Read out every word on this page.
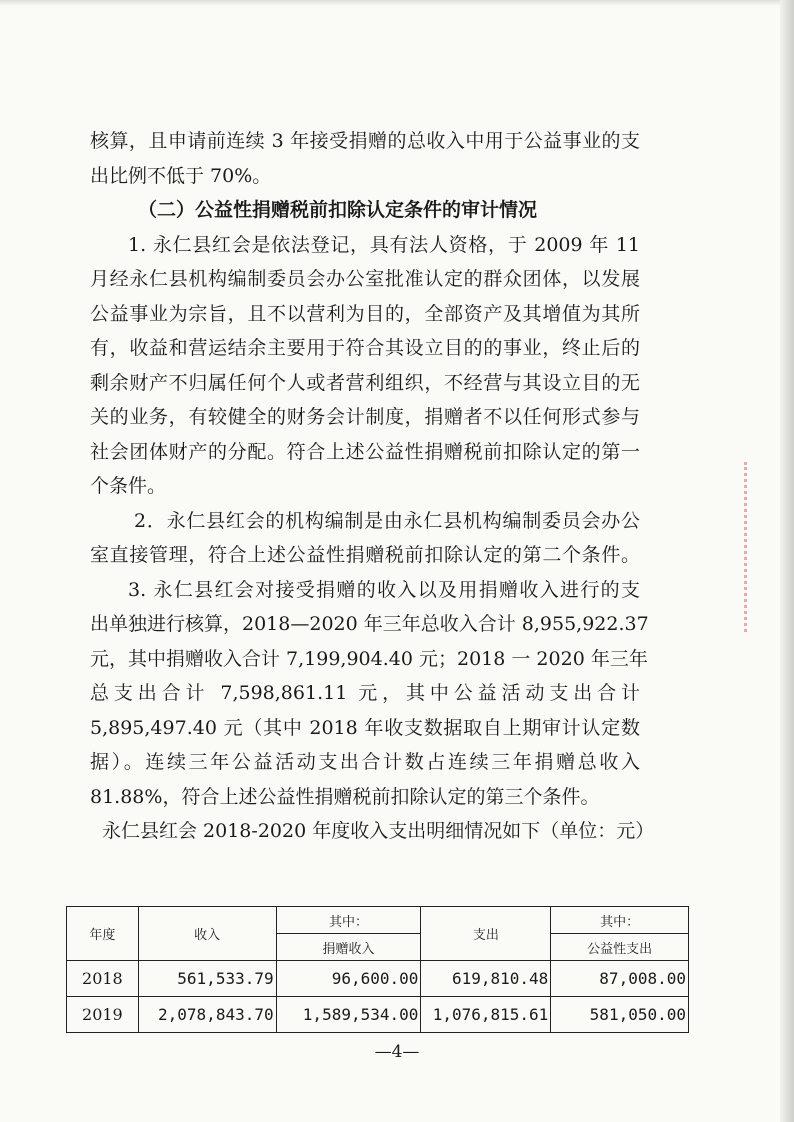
核算，且申请前连续 3 年接受捐赠的总收入中用于公益事业的支
出比例不低于 70%。
（二）公益性捐赠税前扣除认定条件的审计情况
1. 永仁县红会是依法登记，具有法人资格，于 2009 年 11
月经永仁县机构编制委员会办公室批准认定的群众团体，以发展
公益事业为宗旨，且不以营利为目的，全部资产及其增值为其所
有，收益和营运结余主要用于符合其设立目的的事业，终止后的
剩余财产不归属任何个人或者营利组织，不经营与其设立目的无
关的业务，有较健全的财务会计制度，捐赠者不以任何形式参与
社会团体财产的分配。符合上述公益性捐赠税前扣除认定的第一
个条件。
2．永仁县红会的机构编制是由永仁县机构编制委员会办公
室直接管理，符合上述公益性捐赠税前扣除认定的第二个条件。
3. 永仁县红会对接受捐赠的收入以及用捐赠收入进行的支
出单独进行核算，2018—2020 年三年总收入合计 8,955,922.37
元，其中捐赠收入合计 7,199,904.40 元；2018 一 2020 年三年
总支出合计 7,598,861.11 元，其中公益活动支出合计
5,895,497.40 元（其中 2018 年收支数据取自上期审计认定数
据）。连续三年公益活动支出合计数占连续三年捐赠总收入
81.88%，符合上述公益性捐赠税前扣除认定的第三个条件。
永仁县红会 2018-2020 年度收入支出明细情况如下（单位：元）
年度	收入	其中：	支出	其中：
		捐赠收入		公益性支出
2018	561,533.79	96,600.00	619,810.48	87,008.00
2019	2,078,843.70	1,589,534.00	1,076,815.61	581,050.00
—4—
